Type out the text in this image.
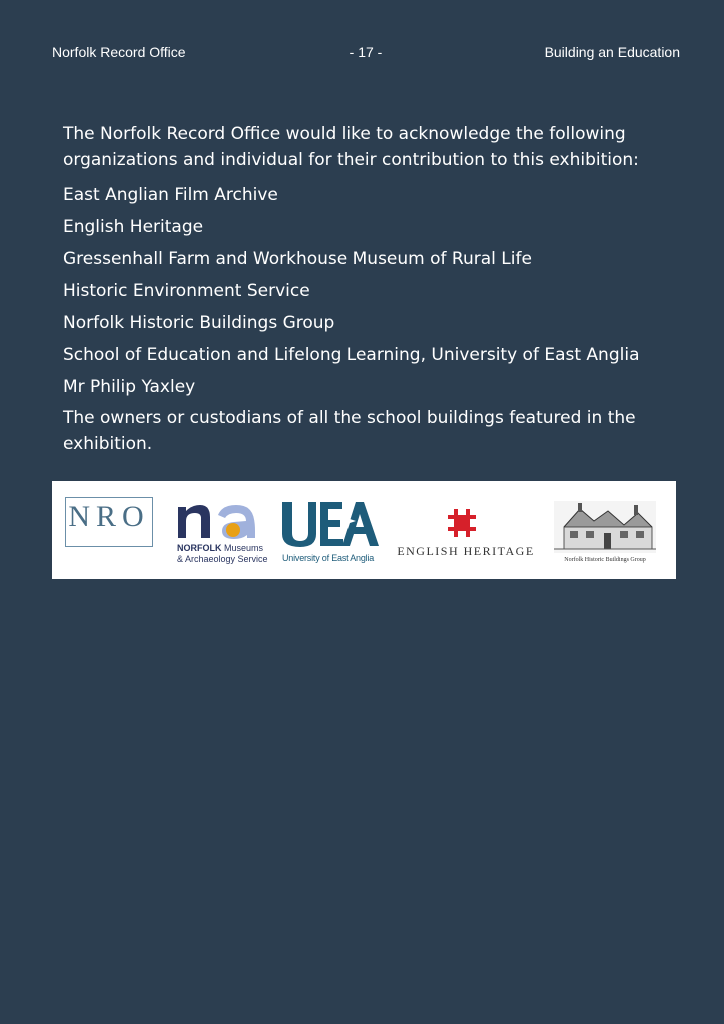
Norfolk Record Office	- 17 -	Building an Education

The Norfolk Record Office would like to acknowledge the following organizations and individual for their contribution to this exhibition:

East Anglian Film Archive

English Heritage

Gressenhall Farm and Workhouse Museum of Rural Life

Historic Environment Service

Norfolk Historic Buildings Group

School of Education and Lifelong Learning, University of East Anglia

Mr Philip Yaxley

The owners or custodians of all the school buildings featured in the exhibition.

NRO
NORFOLK Museums
& Archaeology Service University of East Anglia	ENGLISH HERITAGE
Norfolk Historic Buildings Group
